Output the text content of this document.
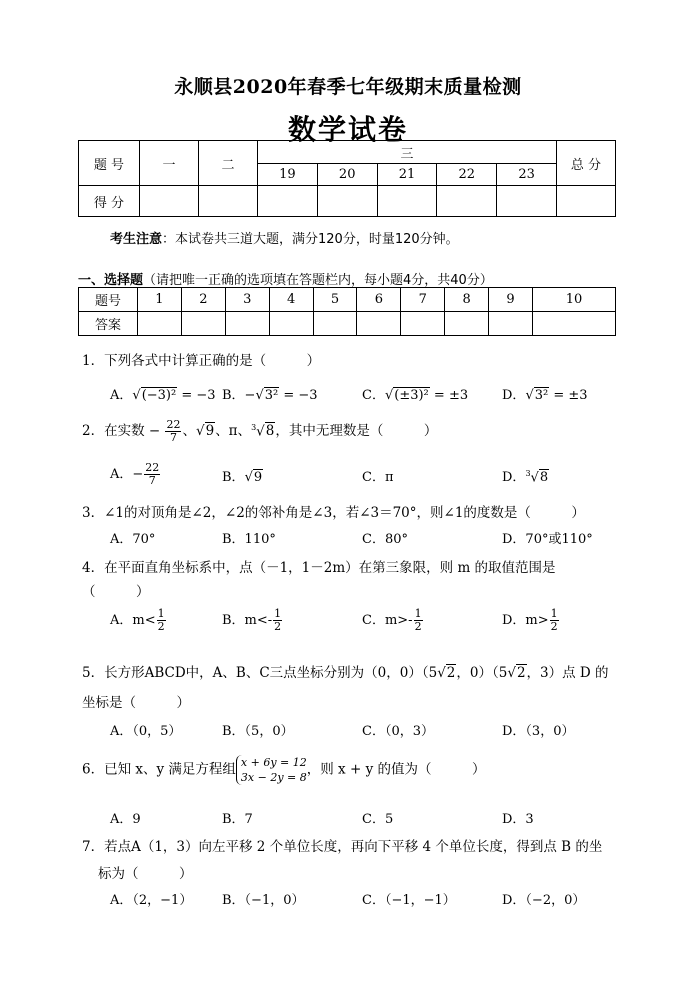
永顺县2020年春季七年级期末质量检测
数学试卷
题 号	一	二	三					总 分
			19	20	21	22	23	
得 分								
考生注意：本试卷共三道大题，满分120分，时量120分钟。
一、选择题（请把唯一正确的选项填在答题栏内，每小题4分，共40分）
题号	1	2	3	4	5	6	7	8	9	10
答案										
1．下列各式中计算正确的是（　　　）
A．√(−3)² = −3 B．−√3² = −3	C．√(±3)² = ±3	D．√3² = ±3
2．在实数 − $\frac{22}{7}$ 、√9、π、$^3$√8，其中无理数是（　　　）
A．− $\frac{22}{7}$	B．√9	C．π	D．$^3$√8
3．∠1的对顶角是∠2，∠2的邻补角是∠3，若∠3＝70°，则∠1的度数是（　　　）
A．70°	B．110°	C．80°	D．70°或110°
4．在平面直角坐标系中，点（－1，1－2m）在第三象限，则 m 的取值范围是
（　　　）
A．$m< \frac{1}{2}$	B．$m<- \frac{1}{2}$	C．$m>- \frac{1}{2}$	D．$m> \frac{1}{2}$
5．长方形ABCD中，A、B、C三点坐标分别为（0，0）（5√2，0）（5√2，3）点 D 的
坐标是（　　　）
A．（0，5）	B．（5，0）	C．（0，3）	D．（3，0）
6．已知 x、y 满足方程组 x + 6y = 12
3x − 2y = 8 ，则 x + y 的值为（　　　）
A．9	B．7	C．5	D．3
7．若点A（1，3）向左平移 2 个单位长度，再向下平移 4 个单位长度，得到点 B 的坐
标为（　　　）
A．（2，−1） B．（−1，0）	C．（−1，−1）	D．（−2，0）
